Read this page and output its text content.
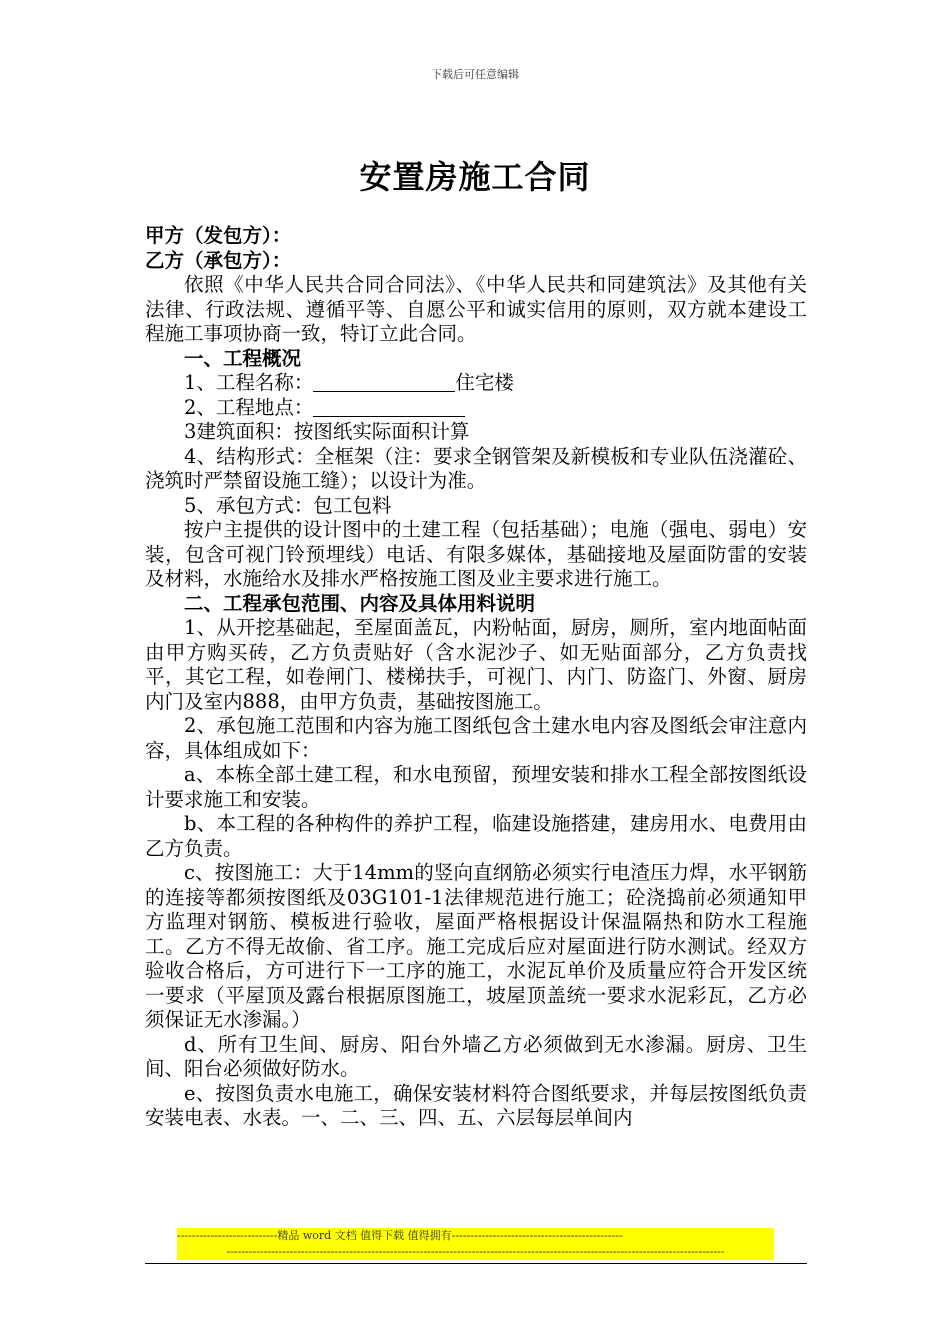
下载后可任意编辑
安置房施工合同

甲方（发包方）：

乙方（承包方）：

依照《中华人民共合同合同法》、《中华人民共和同建筑法》及其他有关法律、行政法规、遵循平等、自愿公平和诚实信用的原则，双方就本建设工程施工事项协商一致，特订立此合同。

一、工程概况

1、工程名称：	住宅楼

2、工程地点：

3建筑面积：按图纸实际面积计算

4、结构形式：全框架（注：要求全钢管架及新模板和专业队伍浇灌砼、浇筑时严禁留设施工缝）；以设计为准。

5、承包方式：包工包料

按户主提供的设计图中的土建工程（包括基础）；电施（强电、弱电）安装，包含可视门铃预埋线）电话、有限多媒体，基础接地及屋面防雷的安装及材料，水施给水及排水严格按施工图及业主要求进行施工。

二、工程承包范围、内容及具体用料说明

1、从开挖基础起，至屋面盖瓦，内粉帖面，厨房，厕所，室内地面帖面由甲方购买砖，乙方负责贴好（含水泥沙子、如无贴面部分，乙方负责找平，其它工程，如卷闸门、楼梯扶手，可视门、内门、防盗门、外窗、厨房内门及室内888，由甲方负责，基础按图施工。

2、承包施工范围和内容为施工图纸包含土建水电内容及图纸会审注意内容，具体组成如下：

a、本栋全部土建工程，和水电预留，预埋安装和排水工程全部按图纸设计要求施工和安装。

b、本工程的各种构件的养护工程，临建设施搭建，建房用水、电费用由乙方负责。

c、按图施工：大于14mm的竖向直纲筋必须实行电渣压力焊，水平钢筋的连接等都须按图纸及03G101-1法律规范进行施工；砼浇捣前必须通知甲方监理对钢筋、模板进行验收，屋面严格根据设计保温隔热和防水工程施工。乙方不得无故偷、省工序。施工完成后应对屋面进行防水测试。经双方验收合格后，方可进行下一工序的施工，水泥瓦单价及质量应符合开发区统一要求（平屋顶及露台根据原图施工，坡屋顶盖统一要求水泥彩瓦，乙方必须保证无水渗漏。）

d、所有卫生间、厨房、阳台外墙乙方必须做到无水渗漏。厨房、卫生间、阳台必须做好防水。

e、按图负责水电施工，确保安装材料符合图纸要求，并每层按图纸负责安装电表、水表。一、二、三、四、五、六层每层单间内

---------------------------精品 word 文档 值得下载 值得拥有----------------------------------------------
--------------------------------------------------------------------------------------------------------------------------------------
